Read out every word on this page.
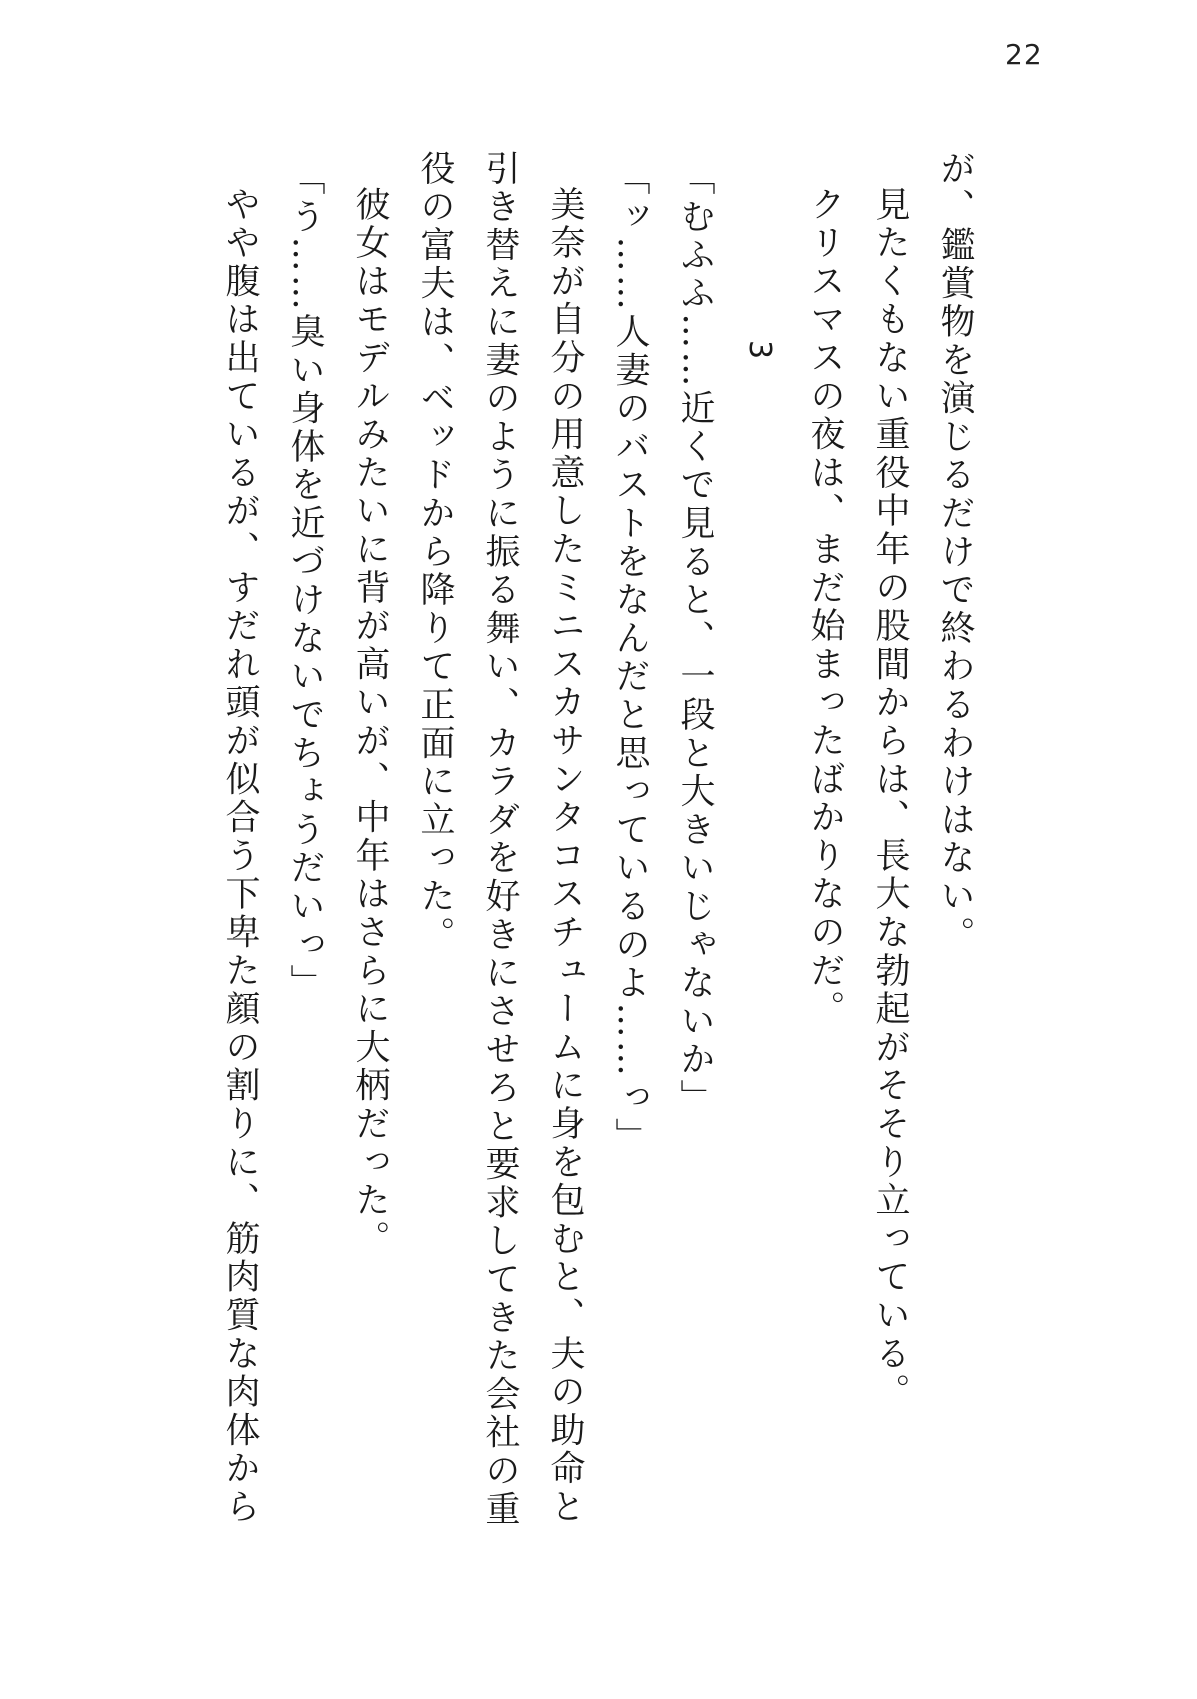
22
が、鑑賞物を演じるだけで終わるわけはない。
見たくもない重役中年の股間からは、長大な勃起がそそり立っている。
クリスマスの夜は、まだ始まったばかりなのだ。
3
「むふふ……近くで見ると、一段と大きいじゃないか」
「ッ……人妻のバストをなんだと思っているのよ……っ」
美奈が自分の用意したミニスカサンタコスチュームに身を包むと、夫の助命と
引き替えに妻のように振る舞い、カラダを好きにさせろと要求してきた会社の重
役の富夫は、ベッドから降りて正面に立った。
彼女はモデルみたいに背が高いが、中年はさらに大柄だった。
「う……臭い身体を近づけないでちょうだいっ」
やや腹は出ているが、すだれ頭が似合う下卑た顔の割りに、筋肉質な肉体から
